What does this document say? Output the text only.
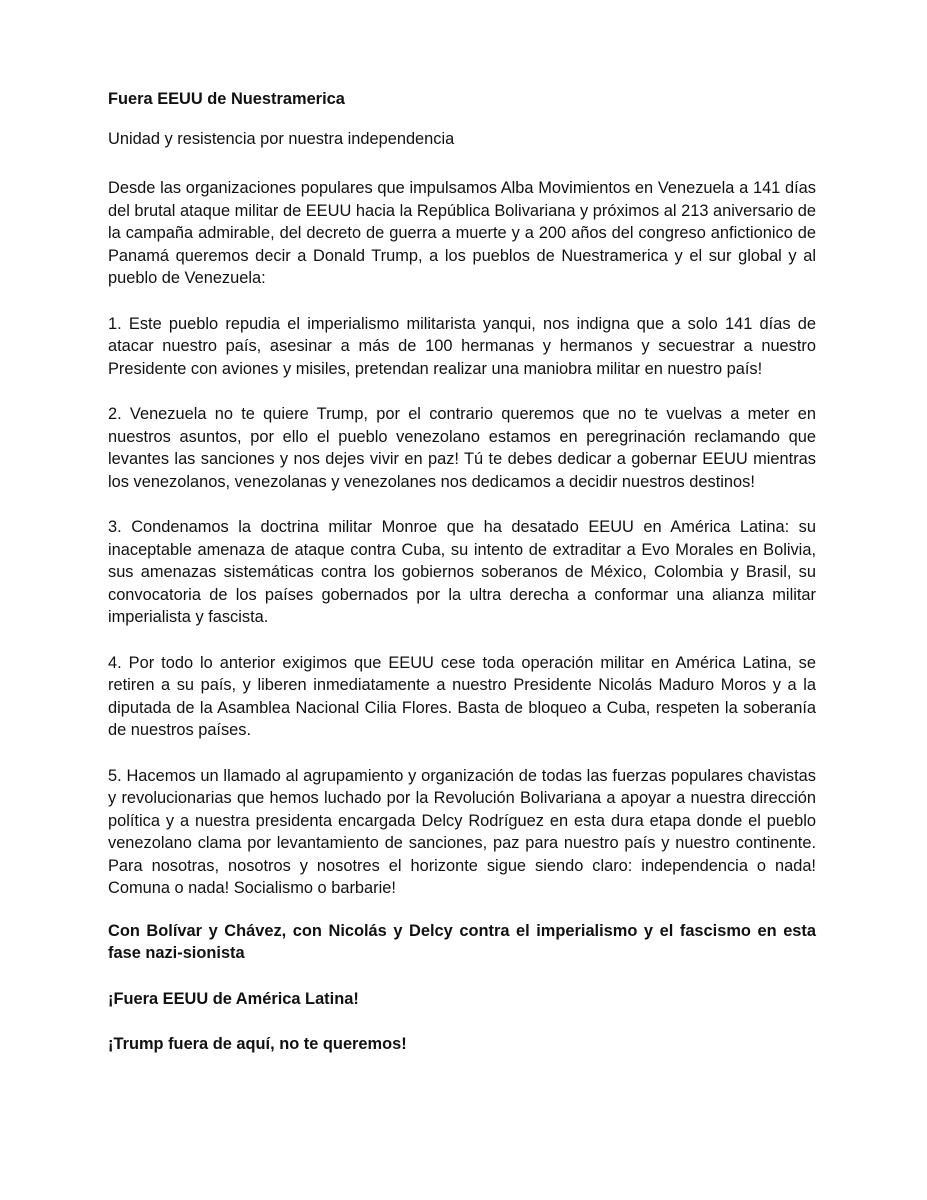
Fuera EEUU de Nuestramerica

Unidad y resistencia por nuestra independencia

Desde las organizaciones populares que impulsamos Alba Movimientos en Venezuela a 141 días del brutal ataque militar de EEUU hacia la República Bolivariana y próximos al 213 aniversario de la campaña admirable, del decreto de guerra a muerte y a 200 años del congreso anfictionico de Panamá queremos decir a Donald Trump, a los pueblos de Nuestramerica y el sur global y al pueblo de Venezuela:

1. Este pueblo repudia el imperialismo militarista yanqui, nos indigna que a solo 141 días de atacar nuestro país, asesinar a más de 100 hermanas y hermanos y secuestrar a nuestro Presidente con aviones y misiles, pretendan realizar una maniobra militar en nuestro país!

2. Venezuela no te quiere Trump, por el contrario queremos que no te vuelvas a meter en nuestros asuntos, por ello el pueblo venezolano estamos en peregrinación reclamando que levantes las sanciones y nos dejes vivir en paz! Tú te debes dedicar a gobernar EEUU mientras los venezolanos, venezolanas y venezolanes nos dedicamos a decidir nuestros destinos!

3. Condenamos la doctrina militar Monroe que ha desatado EEUU en América Latina: su inaceptable amenaza de ataque contra Cuba, su intento de extraditar a Evo Morales en Bolivia, sus amenazas sistemáticas contra los gobiernos soberanos de México, Colombia y Brasil, su convocatoria de los países gobernados por la ultra derecha a conformar una alianza militar imperialista y fascista.

4. Por todo lo anterior exigimos que EEUU cese toda operación militar en América Latina, se retiren a su país, y liberen inmediatamente a nuestro Presidente Nicolás Maduro Moros y a la diputada de la Asamblea Nacional Cilia Flores. Basta de bloqueo a Cuba, respeten la soberanía de nuestros países.

5. Hacemos un llamado al agrupamiento y organización de todas las fuerzas populares chavistas y revolucionarias que hemos luchado por la Revolución Bolivariana a apoyar a nuestra dirección política y a nuestra presidenta encargada Delcy Rodríguez en esta dura etapa donde el pueblo venezolano clama por levantamiento de sanciones, paz para nuestro país y nuestro continente. Para nosotras, nosotros y nosotres el horizonte sigue siendo claro: independencia o nada! Comuna o nada! Socialismo o barbarie!

Con Bolívar y Chávez, con Nicolás y Delcy contra el imperialismo y el fascismo en esta fase nazi-sionista

¡Fuera EEUU de América Latina!

¡Trump fuera de aquí, no te queremos!
